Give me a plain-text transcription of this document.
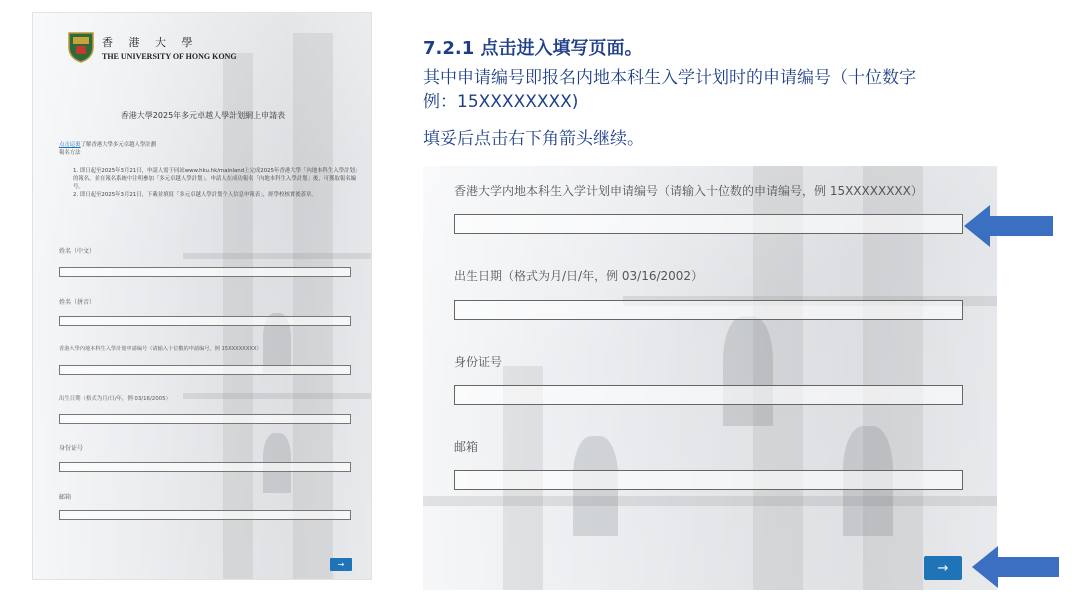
香 港 大 學
THE UNIVERSITY OF HONG KONG
香港大學2025年多元卓越人學計划網上申請表
点击這裏了解香港大學多元卓越人學計劃
報名方法
1. 即日起至2025年3月21日，申請人需于同站www.hku.hk/mainland上完成2025年香港大學「內地本科生入學計划」的報名，並在報名系統中注明參加「多元卓越人學計划」。申請人在成功報名「內地本科生入學計划」後，可獲取報名編号。
2. 即日起至2025年3月21日，下載並填寫「多元卓越人學計划个人信息申報表」，經學校核實後蓋章。
姓名（中文）
姓名（拼音）
香港大學內地本科生入學計划申請编号（请输入十位數的申請编号，例 15XXXXXXXX）
出生日期（格式为月/日/年，例 03/16/2005）
身份证号
邮箱
→
7.2.1 点击进入填写页面。
其中申请编号即报名内地本科生入学计划时的申请编号（十位数字
例：15XXXXXXXX)
填妥后点击右下角箭头继续。
香港大学内地本科生入学计划申请编号（请输入十位数的申请编号，例 15XXXXXXXX）
出生日期（格式为月/日/年，例 03/16/2002）
身份证号
邮箱
→
